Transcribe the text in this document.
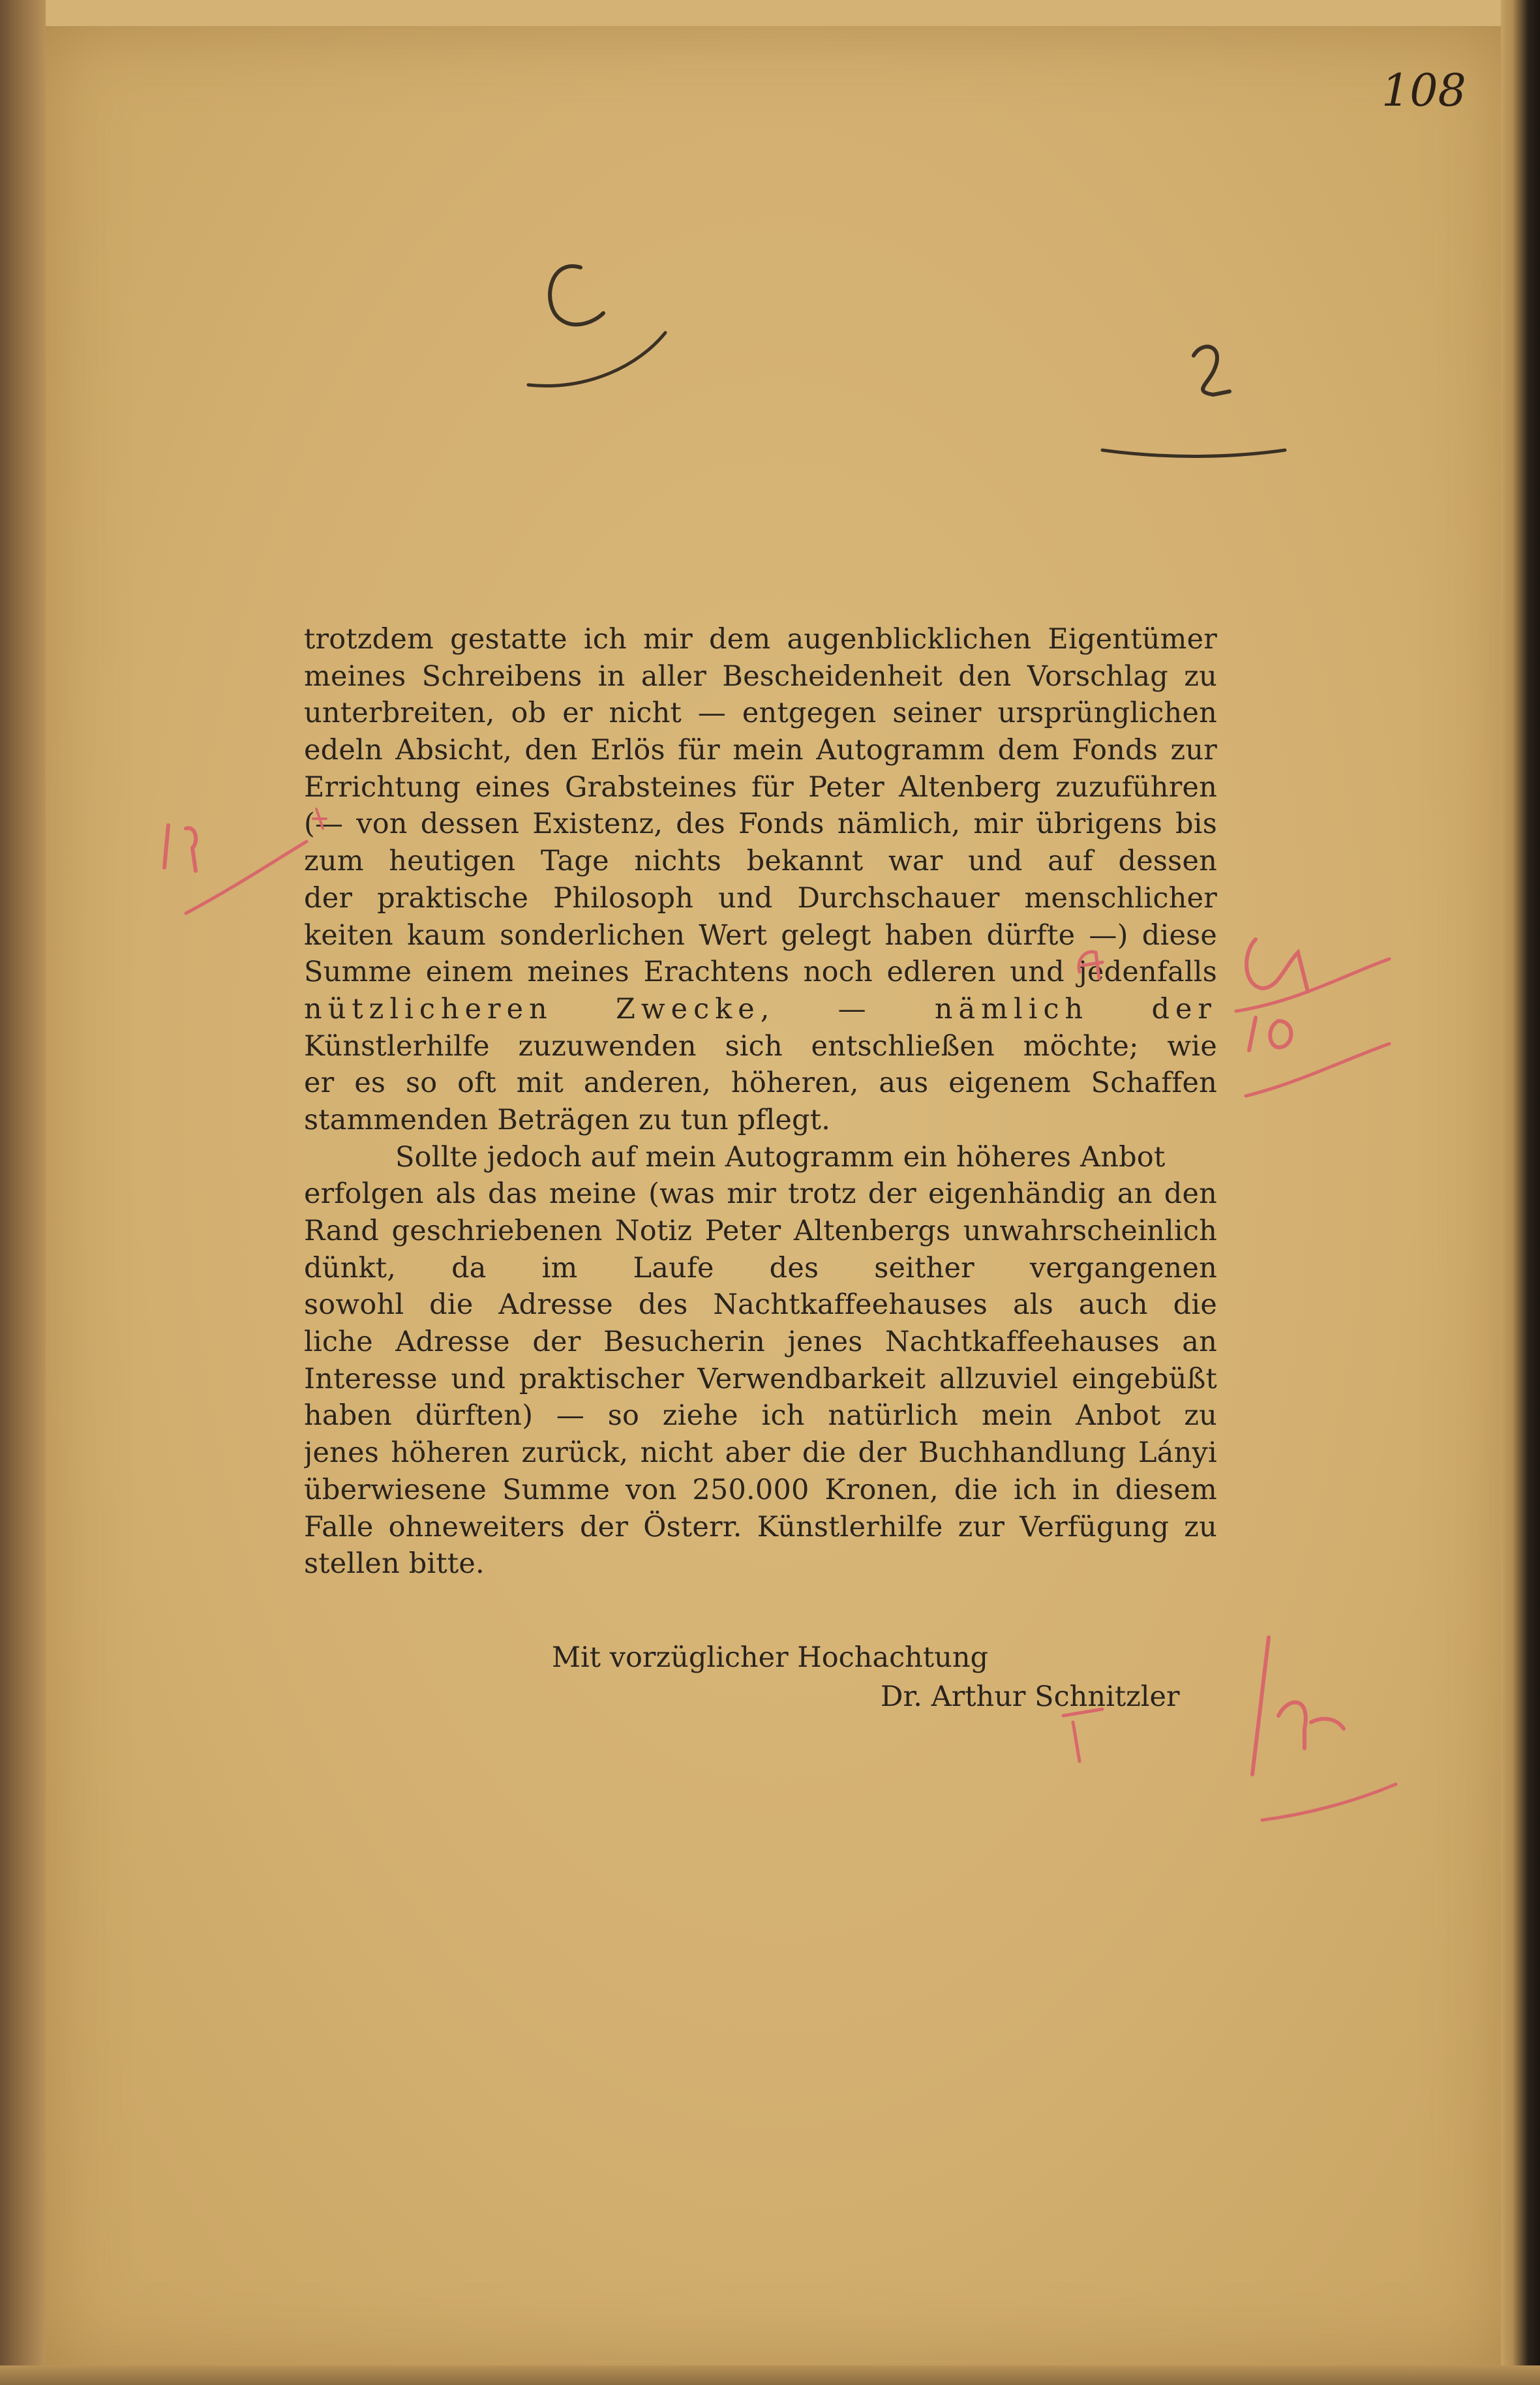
108
trotzdem gestatte ich mir dem augenblicklichen Eigentümer
meines Schreibens in aller Bescheidenheit den Vorschlag zu
unterbreiten, ob er nicht — entgegen seiner ursprünglichen
edeln Absicht, den Erlös für mein Autogramm dem Fonds zur
Errichtung eines Grabsteines für Peter Altenberg zuzuführen
(— von dessen Existenz, des Fonds nämlich, mir übrigens bis
zum heutigen Tage nichts bekannt war und auf dessen
der praktische Philosoph und Durchschauer menschlicher
keiten kaum sonderlichen Wert gelegt haben dürfte —) diese
Summe einem meines Erachtens noch edleren und jedenfalls
nützlicheren Zwecke, — nämlich der
Künstlerhilfe zuzuwenden sich entschließen möchte; wie
er es so oft mit anderen, höheren, aus eigenem Schaffen
stammenden Beträgen zu tun pflegt.
Sollte jedoch auf mein Autogramm ein höheres Anbot
erfolgen als das meine (was mir trotz der eigenhändig an den
Rand geschriebenen Notiz Peter Altenbergs unwahrscheinlich
dünkt, da im Laufe des seither vergangenen
sowohl die Adresse des Nachtkaffeehauses als auch die
liche Adresse der Besucherin jenes Nachtkaffeehauses an
Interesse und praktischer Verwendbarkeit allzuviel eingebüßt
haben dürften) — so ziehe ich natürlich mein Anbot zu
jenes höheren zurück, nicht aber die der Buchhandlung Lányi
überwiesene Summe von 250.000 Kronen, die ich in diesem
Falle ohneweiters der Österr. Künstlerhilfe zur Verfügung zu
stellen bitte.
Mit vorzüglicher Hochachtung
Dr. Arthur Schnitzler
